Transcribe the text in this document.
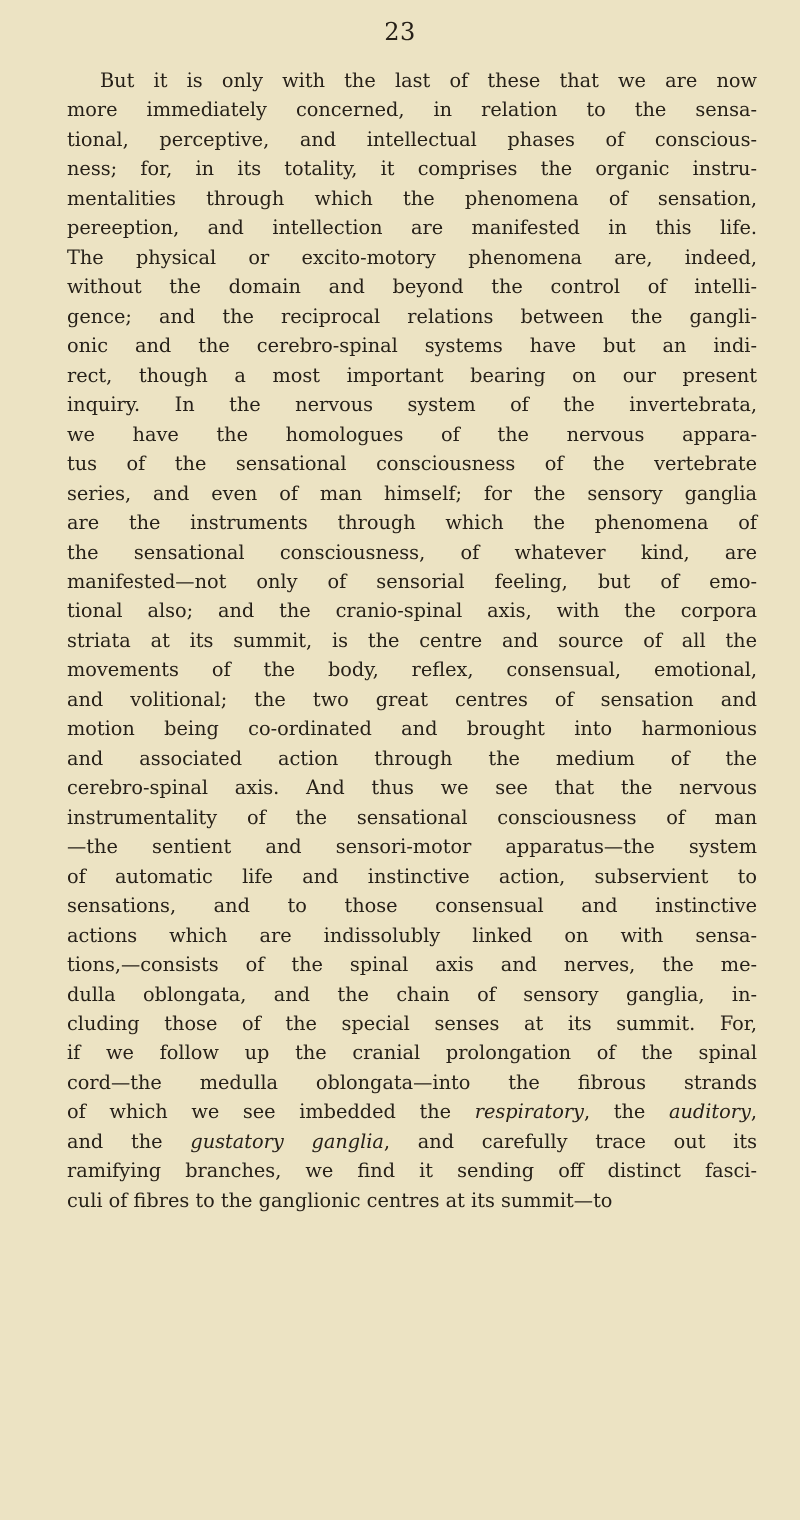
23
But it is only with the last of these that we are now
more immediately concerned, in relation to the sensa-
tional, perceptive, and intellectual phases of conscious-
ness; for, in its totality, it comprises the organic instru-
mentalities through which the phenomena of sensation,
pereeption, and intellection are manifested in this life.
The physical or excito-motory phenomena are, indeed,
without the domain and beyond the control of intelli-
gence; and the reciprocal relations between the gangli-
onic and the cerebro-spinal systems have but an indi-
rect, though a most important bearing on our present
inquiry. In the nervous system of the invertebrata,
we have the homologues of the nervous appara-
tus of the sensational consciousness of the vertebrate
series, and even of man himself; for the sensory ganglia
are the instruments through which the phenomena of
the sensational consciousness, of whatever kind, are
manifested—not only of sensorial feeling, but of emo-
tional also; and the cranio-spinal axis, with the corpora
striata at its summit, is the centre and source of all the
movements of the body, reflex, consensual, emotional,
and volitional; the two great centres of sensation and
motion being co-ordinated and brought into harmonious
and associated action through the medium of the
cerebro-spinal axis. And thus we see that the nervous
instrumentality of the sensational consciousness of man
—the sentient and sensori-motor apparatus—the system
of automatic life and instinctive action, subservient to
sensations, and to those consensual and instinctive
actions which are indissolubly linked on with sensa-
tions,—consists of the spinal axis and nerves, the me-
dulla oblongata, and the chain of sensory ganglia, in-
cluding those of the special senses at its summit. For,
if we follow up the cranial prolongation of the spinal
cord—the medulla oblongata—into the fibrous strands
of which we see imbedded the respiratory, the auditory,
and the gustatory ganglia, and carefully trace out its
ramifying branches, we find it sending off distinct fasci-
culi of fibres to the ganglionic centres at its summit—to
